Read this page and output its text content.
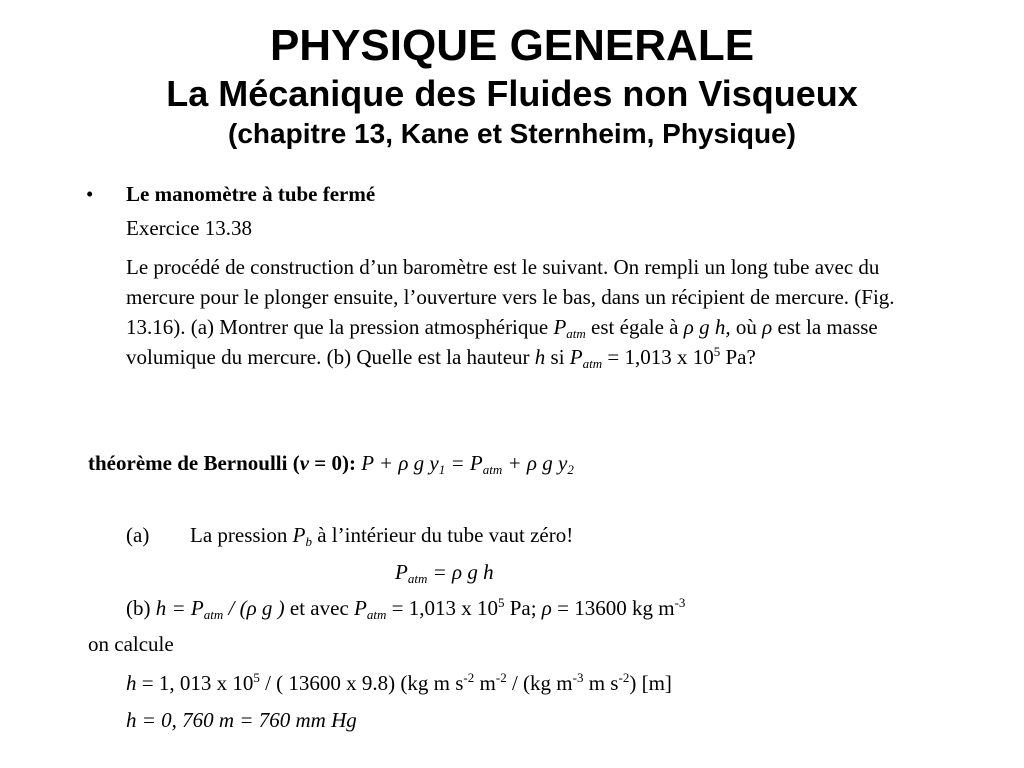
PHYSIQUE GENERALE
La Mécanique des Fluides non Visqueux
(chapitre 13, Kane et Sternheim, Physique)
• Le manomètre à tube fermé
Exercice 13.38
Le procédé de construction d’un baromètre est le suivant. On rempli un long tube avec du mercure pour le plonger ensuite, l’ouverture vers le bas, dans un récipient de mercure. (Fig. 13.16). (a) Montrer que la pression atmosphérique $P_{atm}$ est égale à ρ g h, où ρ est la masse volumique du mercure. (b) Quelle est la hauteur h si $P_{atm} = 1,013$ x $10^5$ Pa?
théorème de Bernoulli (v = 0): P + ρ g $y_1 = P_{atm} + \rho$ g $y_2$
(a) La pression $P_b$ à l’intérieur du tube vaut zéro!
$P_{atm} = \rho$ g h
(b) $h = P_{atm} / (\rho$ g ) et avec $P_{atm} = 1,013$ x $10^5$ Pa; ρ = 13600 kg $m^{-3}$
on calcule
h = 1, 013 x $10^5$ / ( 13600 x 9.8) (kg m $s^{-2}$ $m^{-2} / (kg$ $m^{-3}$ m $s^{-2}$) [m]
h = 0, 760 m = 760 mm Hg
